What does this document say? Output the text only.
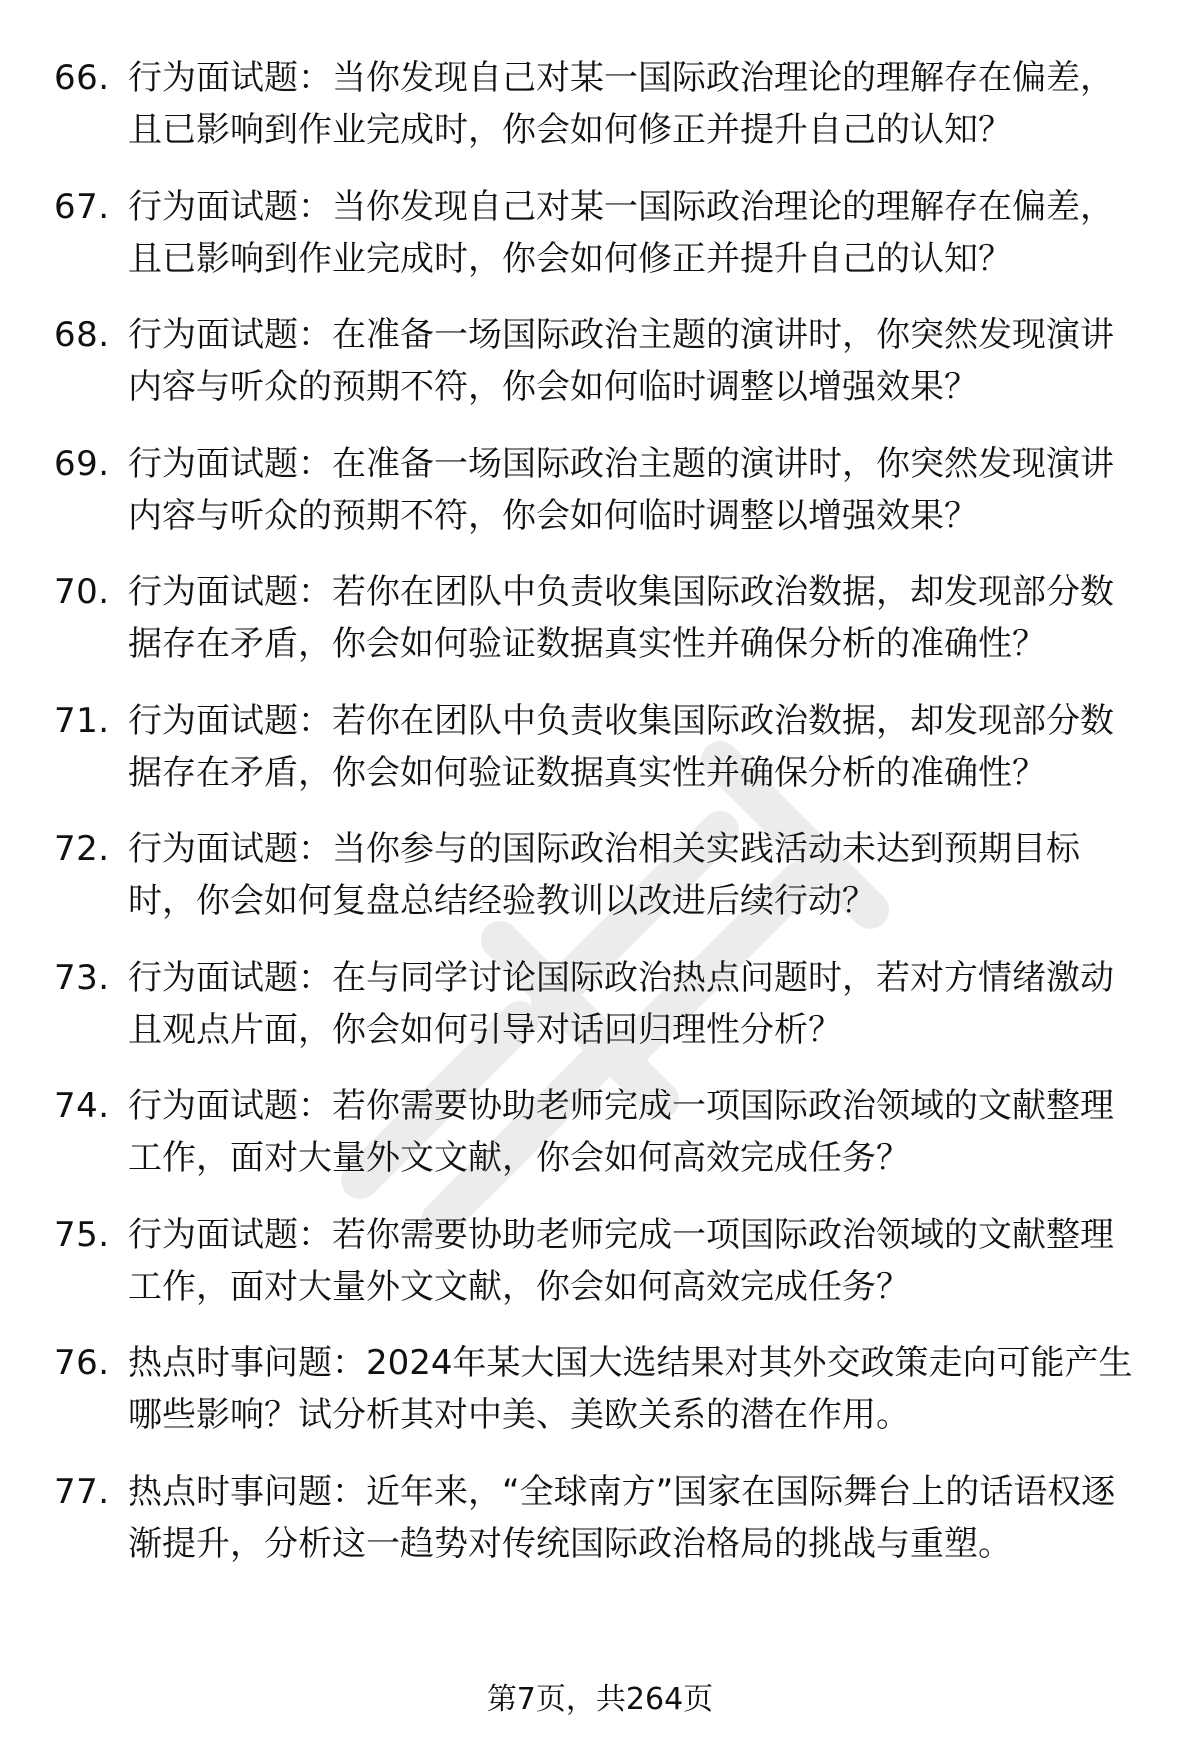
66. 行为面试题：当你发现自己对某一国际政治理论的理解存在偏差，且已影响到作业完成时，你会如何修正并提升自己的认知？
67. 行为面试题：当你发现自己对某一国际政治理论的理解存在偏差，且已影响到作业完成时，你会如何修正并提升自己的认知？
68. 行为面试题：在准备一场国际政治主题的演讲时，你突然发现演讲内容与听众的预期不符，你会如何临时调整以增强效果？
69. 行为面试题：在准备一场国际政治主题的演讲时，你突然发现演讲内容与听众的预期不符，你会如何临时调整以增强效果？
70. 行为面试题：若你在团队中负责收集国际政治数据，却发现部分数据存在矛盾，你会如何验证数据真实性并确保分析的准确性？
71. 行为面试题：若你在团队中负责收集国际政治数据，却发现部分数据存在矛盾，你会如何验证数据真实性并确保分析的准确性？
72. 行为面试题：当你参与的国际政治相关实践活动未达到预期目标时，你会如何复盘总结经验教训以改进后续行动？
73. 行为面试题：在与同学讨论国际政治热点问题时，若对方情绪激动且观点片面，你会如何引导对话回归理性分析？
74. 行为面试题：若你需要协助老师完成一项国际政治领域的文献整理工作，面对大量外文文献，你会如何高效完成任务？
75. 行为面试题：若你需要协助老师完成一项国际政治领域的文献整理工作，面对大量外文文献，你会如何高效完成任务？
76. 热点时事问题：2024年某大国大选结果对其外交政策走向可能产生哪些影响？试分析其对中美、美欧关系的潜在作用。
77. 热点时事问题：近年来，“全球南方”国家在国际舞台上的话语权逐渐提升，分析这一趋势对传统国际政治格局的挑战与重塑。
第7页，共264页
